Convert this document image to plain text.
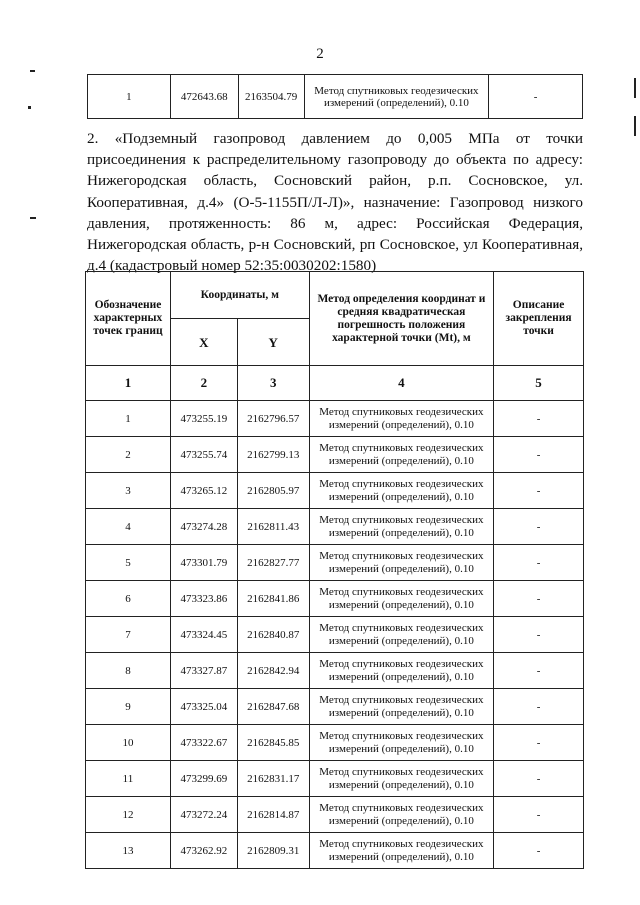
2
1	472643.68	2163504.79	Метод спутниковых геодезических измерений (определений), 0.10	-
2. «Подземный газопровод давлением до 0,005 МПа от точки присоединения к распределительному газопроводу до объекта по адресу: Нижегородская область, Сосновский район, р.п. Сосновское, ул. Кооперативная, д.4» (О-5-1155П/Л-Л)», назначение: Газопровод низкого давления, протяженность: 86 м, адрес: Российская Федерация, Нижегородская область, р-н Сосновский, рп Сосновское, ул Кооперативная, д.4 (кадастровый номер 52:35:0030202:1580)
Обозначение характерных точек границ	Координаты, м		Метод определения координат и средняя квадратическая погрешность положения характерной точки (Mt), м	Описание закрепления точки
	X	Y		
1	2	3	4	5
1	473255.19	2162796.57	Метод спутниковых геодезических измерений (определений), 0.10	-
2	473255.74	2162799.13	Метод спутниковых геодезических измерений (определений), 0.10	-
3	473265.12	2162805.97	Метод спутниковых геодезических измерений (определений), 0.10	-
4	473274.28	2162811.43	Метод спутниковых геодезических измерений (определений), 0.10	-
5	473301.79	2162827.77	Метод спутниковых геодезических измерений (определений), 0.10	-
6	473323.86	2162841.86	Метод спутниковых геодезических измерений (определений), 0.10	-
7	473324.45	2162840.87	Метод спутниковых геодезических измерений (определений), 0.10	-
8	473327.87	2162842.94	Метод спутниковых геодезических измерений (определений), 0.10	-
9	473325.04	2162847.68	Метод спутниковых геодезических измерений (определений), 0.10	-
10	473322.67	2162845.85	Метод спутниковых геодезических измерений (определений), 0.10	-
11	473299.69	2162831.17	Метод спутниковых геодезических измерений (определений), 0.10	-
12	473272.24	2162814.87	Метод спутниковых геодезических измерений (определений), 0.10	-
13	473262.92	2162809.31	Метод спутниковых геодезических измерений (определений), 0.10	-
